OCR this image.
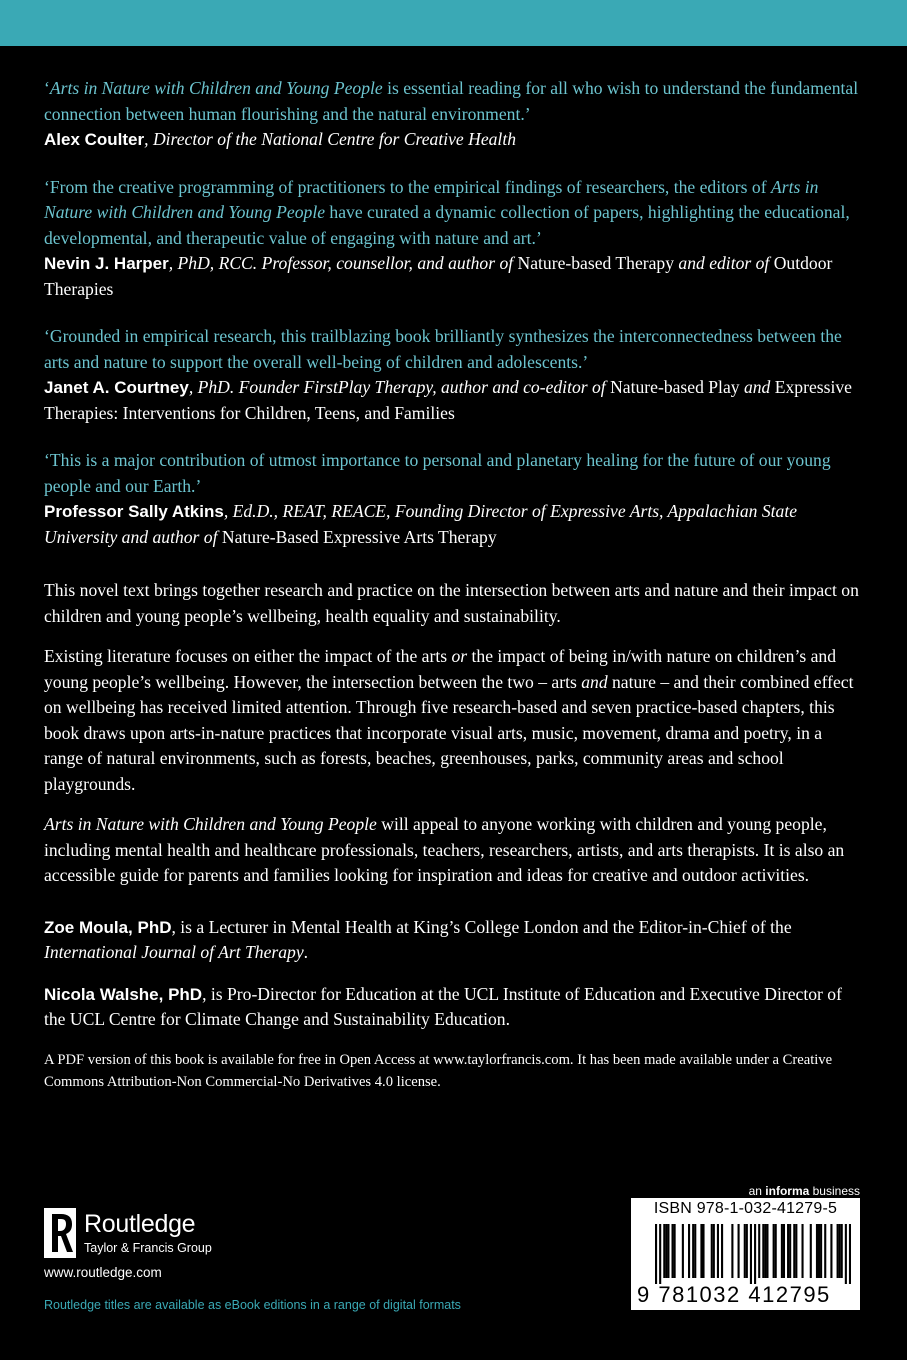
‘Arts in Nature with Children and Young People is essential reading for all who wish to understand the fundamental connection between human flourishing and the natural environment.’

Alex Coulter, Director of the National Centre for Creative Health

‘From the creative programming of practitioners to the empirical findings of researchers, the editors of Arts in Nature with Children and Young People have curated a dynamic collection of papers, highlighting the educational, developmental, and therapeutic value of engaging with nature and art.’

Nevin J. Harper, PhD, RCC. Professor, counsellor, and author of Nature-based Therapy and editor of Outdoor Therapies

‘Grounded in empirical research, this trailblazing book brilliantly synthesizes the interconnectedness between the arts and nature to support the overall well-being of children and adolescents.’

Janet A. Courtney, PhD. Founder FirstPlay Therapy, author and co-editor of Nature-based Play and Expressive Therapies: Interventions for Children, Teens, and Families

‘This is a major contribution of utmost importance to personal and planetary healing for the future of our young people and our Earth.’

Professor Sally Atkins, Ed.D., REAT, REACE, Founding Director of Expressive Arts, Appalachian State University and author of Nature-Based Expressive Arts Therapy

This novel text brings together research and practice on the intersection between arts and nature and their impact on children and young people’s wellbeing, health equality and sustainability.

Existing literature focuses on either the impact of the arts or the impact of being in/with nature on children’s and young people’s wellbeing. However, the intersection between the two – arts and nature – and their combined effect on wellbeing has received limited attention. Through five research-based and seven practice-based chapters, this book draws upon arts-in-nature practices that incorporate visual arts, music, movement, drama and poetry, in a range of natural environments, such as forests, beaches, greenhouses, parks, community areas and school playgrounds.

Arts in Nature with Children and Young People will appeal to anyone working with children and young people, including mental health and healthcare professionals, teachers, researchers, artists, and arts therapists. It is also an accessible guide for parents and families looking for inspiration and ideas for creative and outdoor activities.

Zoe Moula, PhD, is a Lecturer in Mental Health at King’s College London and the Editor-in-Chief of the International Journal of Art Therapy.

Nicola Walshe, PhD, is Pro-Director for Education at the UCL Institute of Education and Executive Director of the UCL Centre for Climate Change and Sustainability Education.

A PDF version of this book is available for free in Open Access at www.taylorfrancis.com. It has been made available under a Creative Commons Attribution-Non Commercial-No Derivatives 4.0 license.

Routledge
Taylor & Francis Group
www.routledge.com
Routledge titles are available as eBook editions in a range of digital formats
an informa business
ISBN 978-1-032-41279-5
9 781032 412795
